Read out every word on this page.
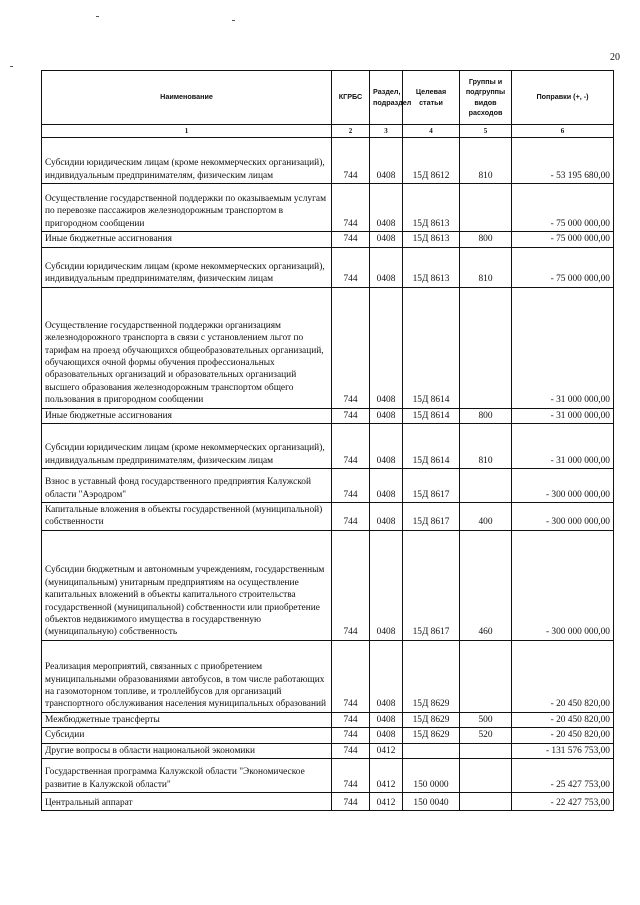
20
Наименование	КГРБС	Раздел, подраздел	Целевая статьи	Группы и подгруппы видов расходов	Поправки (+, -)
1	2	3	4	5	6
Субсидии юридическим лицам (кроме некоммерческих организаций), индивидуальным предпринимателям, физическим лицам	744	0408	15Д 8612	810	- 53 195 680,00
Осуществление государственной поддержки по оказываемым услугам по перевозке пассажиров железнодорожным транспортом в пригородном сообщении	744	0408	15Д 8613		- 75 000 000,00
Иные бюджетные ассигнования	744	0408	15Д 8613	800	- 75 000 000,00
Субсидии юридическим лицам (кроме некоммерческих организаций), индивидуальным предпринимателям, физическим лицам	744	0408	15Д 8613	810	- 75 000 000,00
Осуществление государственной поддержки организациям железнодорожного транспорта в связи с установлением льгот по тарифам на проезд обучающихся общеобразовательных организаций, обучающихся очной формы обучения профессиональных образовательных организаций и образовательных организаций высшего образования железнодорожным транспортом общего пользования в пригородном сообщении	744	0408	15Д 8614		- 31 000 000,00
Иные бюджетные ассигнования	744	0408	15Д 8614	800	- 31 000 000,00
Субсидии юридическим лицам (кроме некоммерческих организаций), индивидуальным предпринимателям, физическим лицам	744	0408	15Д 8614	810	- 31 000 000,00
Взнос в уставный фонд государственного предприятия Калужской области "Аэродром"	744	0408	15Д 8617		- 300 000 000,00
Капитальные вложения в объекты государственной (муниципальной) собственности	744	0408	15Д 8617	400	- 300 000 000,00
Субсидии бюджетным и автономным учреждениям, государственным (муниципальным) унитарным предприятиям на осуществление капитальных вложений в объекты капитального строительства государственной (муниципальной) собственности или приобретение объектов недвижимого имущества в государственную (муниципальную) собственность	744	0408	15Д 8617	460	- 300 000 000,00
Реализация мероприятий, связанных с приобретением муниципальными образованиями автобусов, в том числе работающих на газомоторном топливе, и троллейбусов для организаций транспортного обслуживания населения муниципальных образований	744	0408	15Д 8629		- 20 450 820,00
Межбюджетные трансферты	744	0408	15Д 8629	500	- 20 450 820,00
Субсидии	744	0408	15Д 8629	520	- 20 450 820,00
Другие вопросы в области национальной экономики	744	0412			- 131 576 753,00
Государственная программа Калужской области "Экономическое развитие в Калужской области"	744	0412	150 0000		- 25 427 753,00
Центральный аппарат	744	0412	150 0040		- 22 427 753,00
